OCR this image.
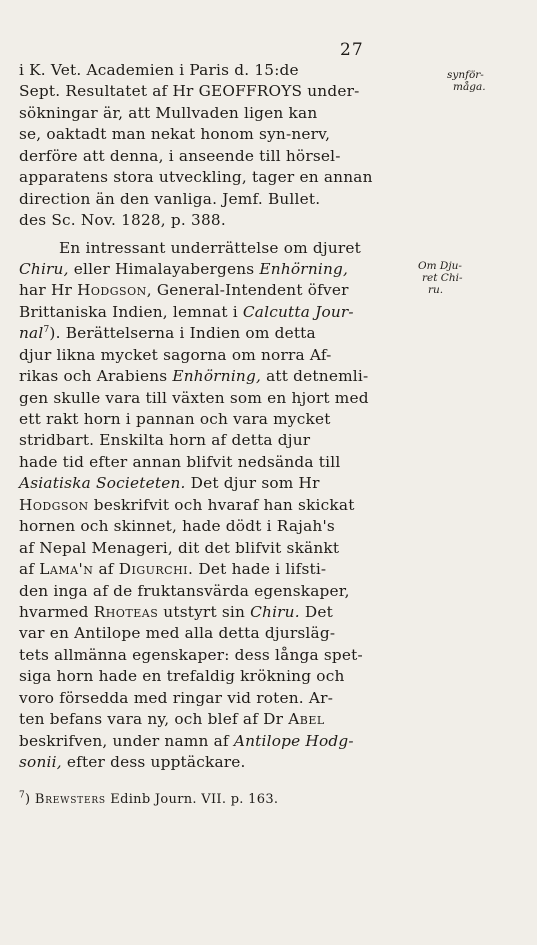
27
synför-
måga.
Om Dju-
ret Chi-
ru.
i K. Vet. Academien i Paris d. 15:de
Sept. Resultatet af Hr GEOFFROYS under-
sökningar är, att Mullvaden ligen kan
se, oaktadt man nekat honom syn-nerv,
derföre att denna, i anseende till hörsel-
apparatens stora utveckling, tager en annan
direction än den vanliga. Jemf. Bullet.
des Sc. Nov. 1828, p. 388.
En intressant underrättelse om djuret
Chiru, eller Himalayabergens Enhörning,
har Hr Hodgson, General-Intendent öfver
Brittaniska Indien, lemnat i Calcutta Jour-
nal$^7$). Berättelserna i Indien om detta
djur likna mycket sagorna om norra Af-
rikas och Arabiens Enhörning, att detnemli-
gen skulle vara till växten som en hjort med
ett rakt horn i pannan och vara mycket
stridbart. Enskilta horn af detta djur
hade tid efter annan blifvit nedsända till
Asiatiska Societeten. Det djur som Hr
Hodgson beskrifvit och hvaraf han skickat
hornen och skinnet, hade dödt i Rajah's
af Nepal Menageri, dit det blifvit skänkt
af Lama'n af Digurchi. Det hade i lifsti-
den inga af de fruktansvärda egenskaper,
hvarmed Rhoteas utstyrt sin Chiru. Det
var en Antilope med alla detta djursläg-
tets allmänna egenskaper: dess långa spet-
siga horn hade en trefaldig krökning och
voro försedda med ringar vid roten. Ar-
ten befans vara ny, och blef af Dr Abel
beskrifven, under namn af Antilope Hodg-
sonii, efter dess upptäckare.
$^7$) Brewsters Edinb Journ. VII. p. 163.
